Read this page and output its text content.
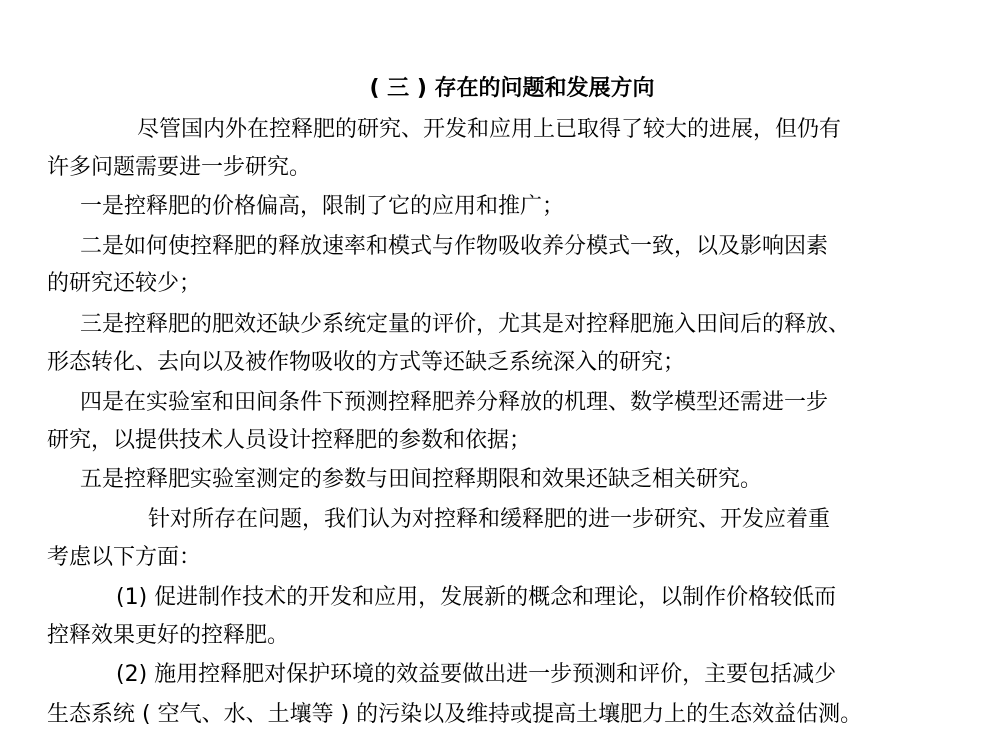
( 三 ) 存在的问题和发展方向
尽管国内外在控释肥的研究、开发和应用上已取得了较大的进展，但仍有
许多问题需要进一步研究。
一是控释肥的价格偏高，限制了它的应用和推广；
二是如何使控释肥的释放速率和模式与作物吸收养分模式一致，以及影响因素
的研究还较少；
三是控释肥的肥效还缺少系统定量的评价，尤其是对控释肥施入田间后的释放、
形态转化、去向以及被作物吸收的方式等还缺乏系统深入的研究；
四是在实验室和田间条件下预测控释肥养分释放的机理、数学模型还需进一步
研究，以提供技术人员设计控释肥的参数和依据；
五是控释肥实验室测定的参数与田间控释期限和效果还缺乏相关研究。
针对所存在问题，我们认为对控释和缓释肥的进一步研究、开发应着重
考虑以下方面：
(1) 促进制作技术的开发和应用，发展新的概念和理论，以制作价格较低而
控释效果更好的控释肥。
(2) 施用控释肥对保护环境的效益要做出进一步预测和评价，主要包括减少
生态系统 ( 空气、水、土壤等 ) 的污染以及维持或提高土壤肥力上的生态效益估测。
